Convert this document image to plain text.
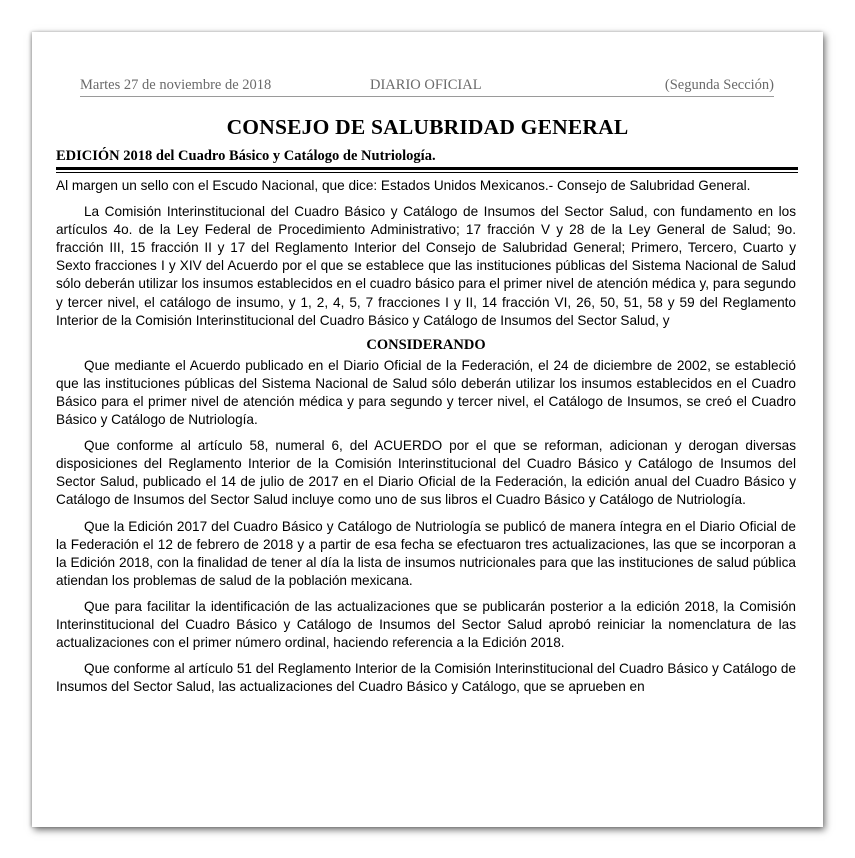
Martes 27 de noviembre de 2018	DIARIO OFICIAL	(Segunda Sección)
CONSEJO DE SALUBRIDAD GENERAL
EDICIÓN 2018 del Cuadro Básico y Catálogo de Nutriología.

Al margen un sello con el Escudo Nacional, que dice: Estados Unidos Mexicanos.- Consejo de Salubridad General.

La Comisión Interinstitucional del Cuadro Básico y Catálogo de Insumos del Sector Salud, con fundamento en los artículos 4o. de la Ley Federal de Procedimiento Administrativo; 17 fracción V y 28 de la Ley General de Salud; 9o. fracción III, 15 fracción II y 17 del Reglamento Interior del Consejo de Salubridad General; Primero, Tercero, Cuarto y Sexto fracciones I y XIV del Acuerdo por el que se establece que las instituciones públicas del Sistema Nacional de Salud sólo deberán utilizar los insumos establecidos en el cuadro básico para el primer nivel de atención médica y, para segundo y tercer nivel, el catálogo de insumo, y 1, 2, 4, 5, 7 fracciones I y II, 14 fracción VI, 26, 50, 51, 58 y 59 del Reglamento Interior de la Comisión Interinstitucional del Cuadro Básico y Catálogo de Insumos del Sector Salud, y

CONSIDERANDO

Que mediante el Acuerdo publicado en el Diario Oficial de la Federación, el 24 de diciembre de 2002, se estableció que las instituciones públicas del Sistema Nacional de Salud sólo deberán utilizar los insumos establecidos en el Cuadro Básico para el primer nivel de atención médica y para segundo y tercer nivel, el Catálogo de Insumos, se creó el Cuadro Básico y Catálogo de Nutriología.

Que conforme al artículo 58, numeral 6, del ACUERDO por el que se reforman, adicionan y derogan diversas disposiciones del Reglamento Interior de la Comisión Interinstitucional del Cuadro Básico y Catálogo de Insumos del Sector Salud, publicado el 14 de julio de 2017 en el Diario Oficial de la Federación, la edición anual del Cuadro Básico y Catálogo de Insumos del Sector Salud incluye como uno de sus libros el Cuadro Básico y Catálogo de Nutriología.

Que la Edición 2017 del Cuadro Básico y Catálogo de Nutriología se publicó de manera íntegra en el Diario Oficial de la Federación el 12 de febrero de 2018 y a partir de esa fecha se efectuaron tres actualizaciones, las que se incorporan a la Edición 2018, con la finalidad de tener al día la lista de insumos nutricionales para que las instituciones de salud pública atiendan los problemas de salud de la población mexicana.

Que para facilitar la identificación de las actualizaciones que se publicarán posterior a la edición 2018, la Comisión Interinstitucional del Cuadro Básico y Catálogo de Insumos del Sector Salud aprobó reiniciar la nomenclatura de las actualizaciones con el primer número ordinal, haciendo referencia a la Edición 2018.

Que conforme al artículo 51 del Reglamento Interior de la Comisión Interinstitucional del Cuadro Básico y Catálogo de Insumos del Sector Salud, las actualizaciones del Cuadro Básico y Catálogo, que se aprueben en
